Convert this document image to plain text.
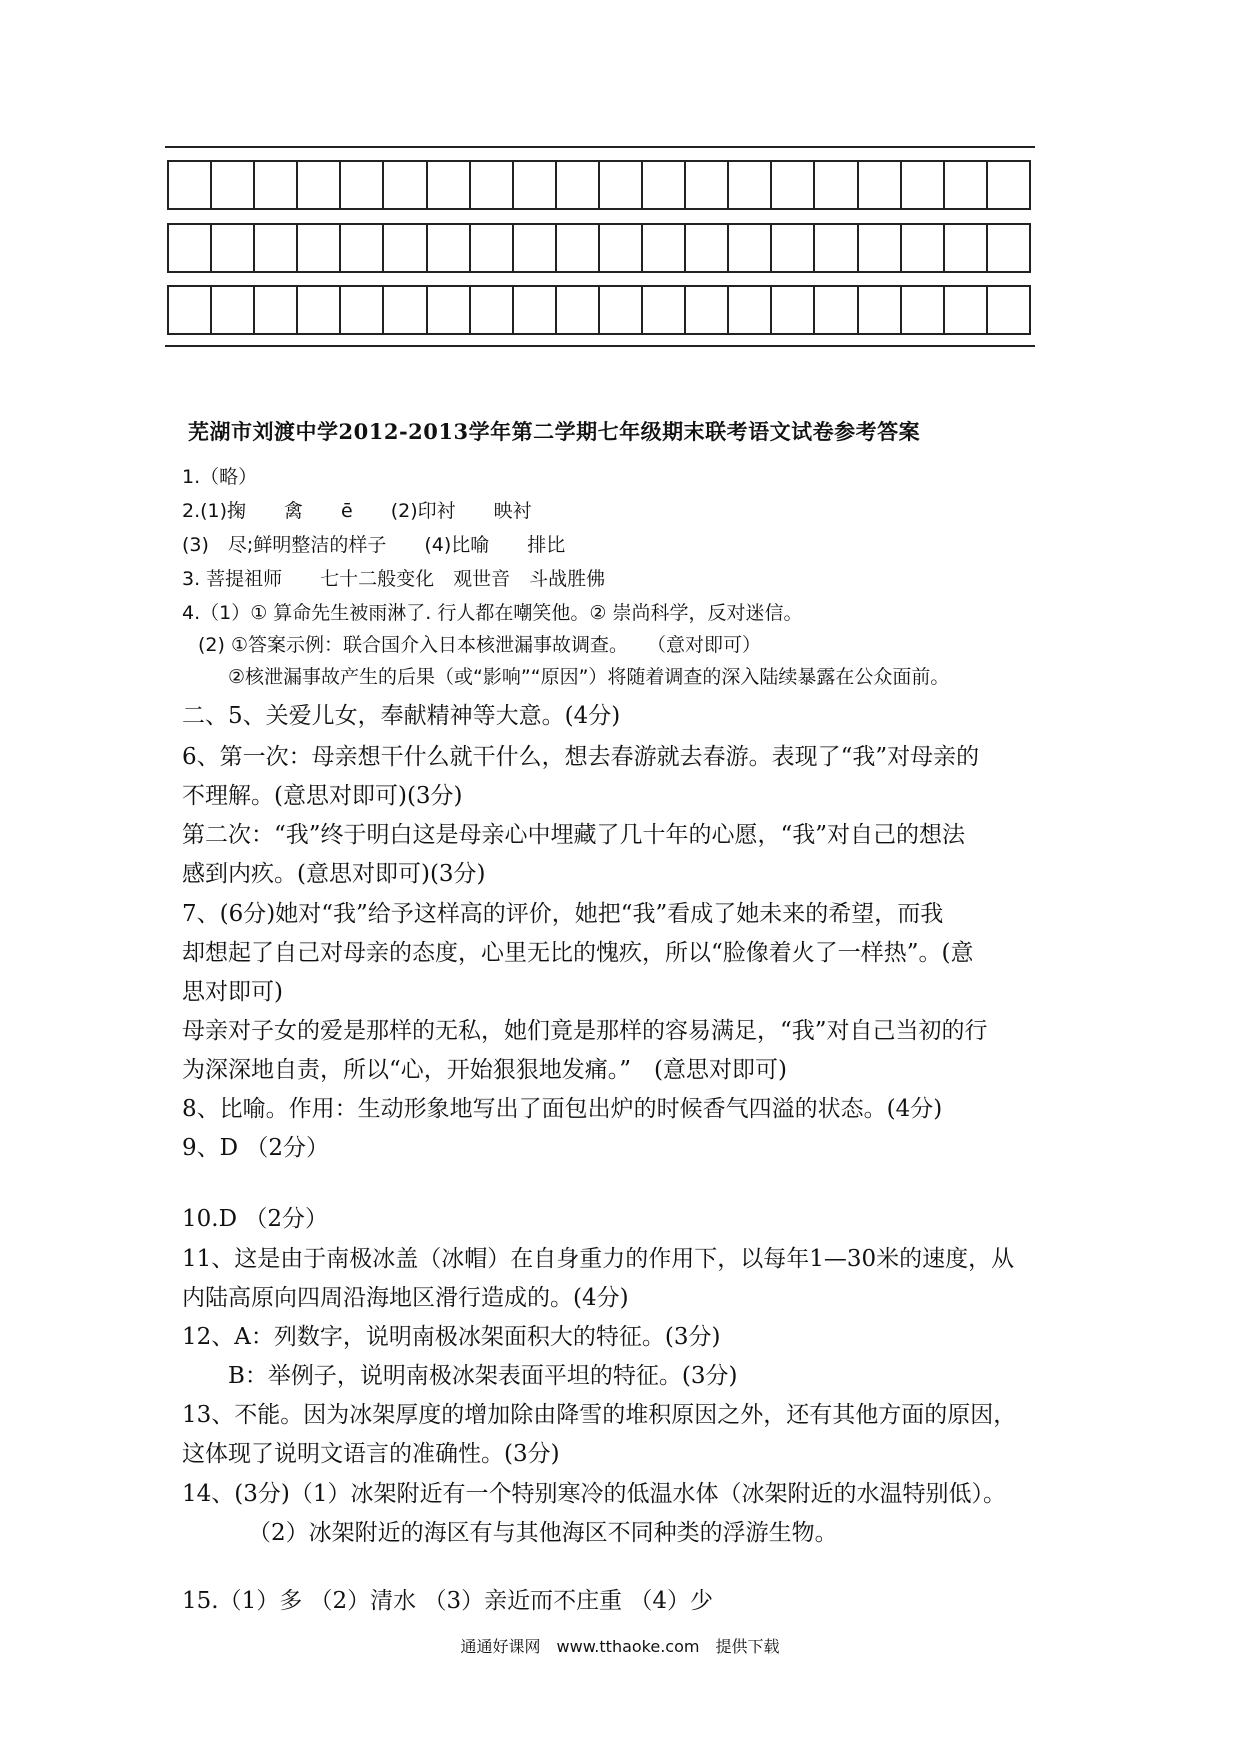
芜湖市刘渡中学2012-2013学年第二学期七年级期末联考语文试卷参考答案
1.（略）
2.(1)掬　　禽　　ē　　(2)印衬　　映衬
(3)　尽;鲜明整洁的样子　　(4)比喻　　排比
3. 菩提祖师　　七十二般变化　观世音　斗战胜佛
4.（1）① 算命先生被雨淋了. 行人都在嘲笑他。② 崇尚科学，反对迷信。
(2) ①答案示例：联合国介入日本核泄漏事故调查。　　（意对即可）
②核泄漏事故产生的后果（或“影响”“原因”）将随着调查的深入陆续暴露在公众面前。
二、5、关爱儿女，奉献精神等大意。(4分)
6、第一次：母亲想干什么就干什么，想去春游就去春游。表现了“我”对母亲的
不理解。(意思对即可)(3分)
第二次：“我”终于明白这是母亲心中埋藏了几十年的心愿，“我”对自己的想法
感到内疚。(意思对即可)(3分)
7、(6分)她对“我”给予这样高的评价，她把“我”看成了她未来的希望，而我
却想起了自己对母亲的态度，心里无比的愧疚，所以“脸像着火了一样热”。(意
思对即可)
母亲对子女的爱是那样的无私，她们竟是那样的容易满足，“我”对自己当初的行
为深深地自责，所以“心，开始狠狠地发痛。”　(意思对即可)
8、比喻。作用：生动形象地写出了面包出炉的时候香气四溢的状态。(4分)
9、D （2分）
10.D （2分）
11、这是由于南极冰盖（冰帽）在自身重力的作用下，以每年1—30米的速度，从
内陆高原向四周沿海地区滑行造成的。(4分)
12、A：列数字，说明南极冰架面积大的特征。(3分)
B：举例子，说明南极冰架表面平坦的特征。(3分)
13、不能。因为冰架厚度的增加除由降雪的堆积原因之外，还有其他方面的原因，
这体现了说明文语言的准确性。(3分)
14、(3分)（1）冰架附近有一个特别寒冷的低温水体（冰架附近的水温特别低）。
（2）冰架附近的海区有与其他海区不同种类的浮游生物。
15.（1）多 （2）清水 （3）亲近而不庄重 （4）少
通通好课网　www.tthaoke.com　提供下载
